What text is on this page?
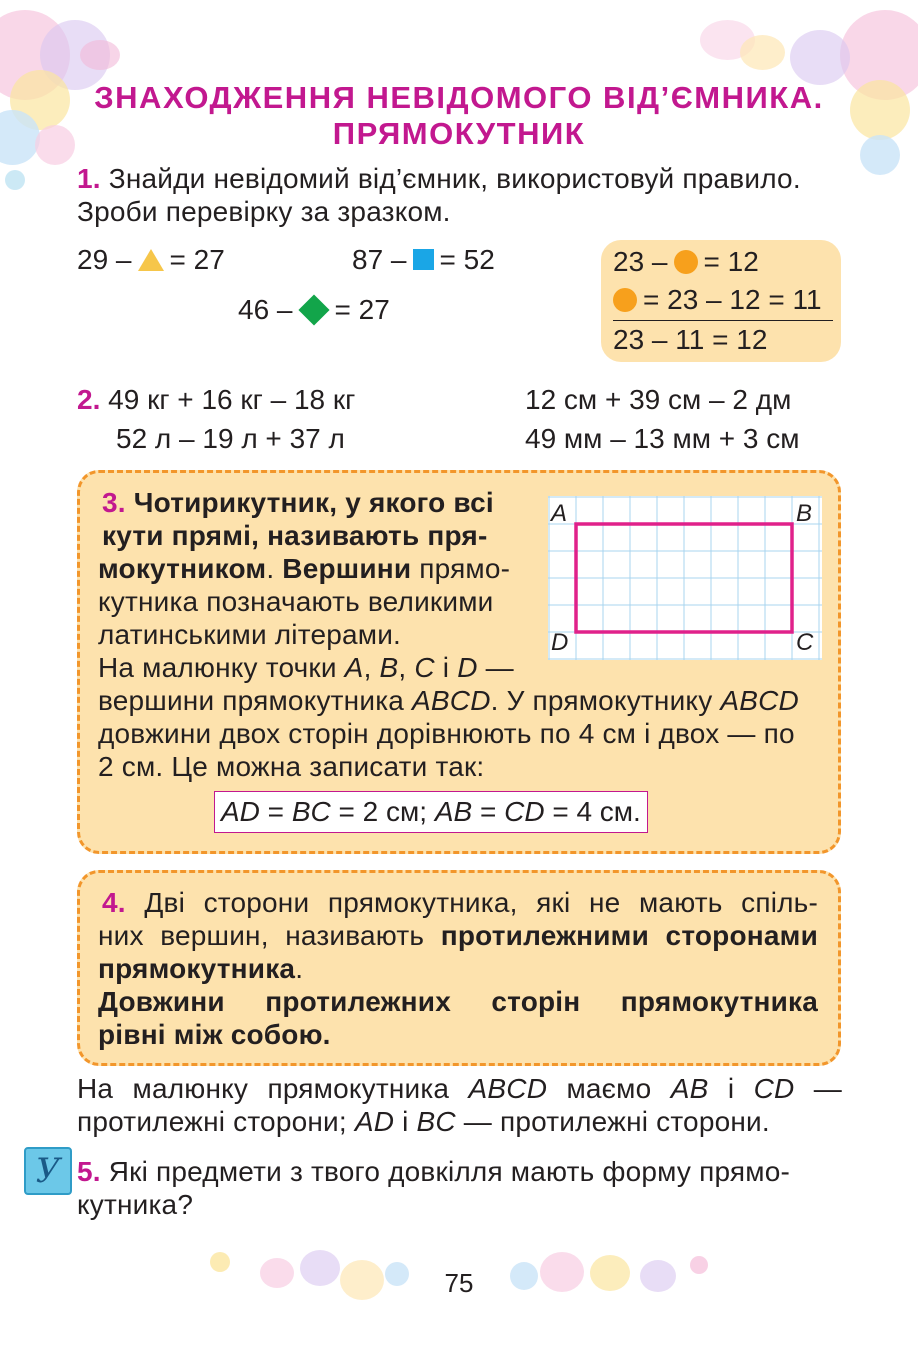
ЗНАХОДЖЕННЯ НЕВІДОМОГО ВІД’ЄМНИКА.
ПРЯМОКУТНИК
1. Знайди невідомий від’ємник, використовуй правило.
Зроби перевірку за зразком.
29 – = 27	87 – = 52
46 – = 27
23 – = 12
= 23 – 12 = 11
23 – 11 = 12
2. 49 кг + 16 кг – 18 кг
52 л – 19 л + 37 л
12 см + 39 см – 2 дм
49 мм – 13 мм + 3 см
3. Чотирикутник, у якого всі
кути прямі, називають пря-
мокутником. Вершини прямо-
кутника позначають великими
латинськими літерами.
На малюнку точки A, B, C і D —
вершини прямокутника ABCD. У прямокутнику ABCD
довжини двох сторін дорівнюють по 4 см і двох — по
2 см. Це можна записати так:
AD = BC = 2 см; AB = CD = 4 см.
A	B
C
D
4. Дві сторони прямокутника, які не мають спіль-
них вершин, називають протилежними сторонами
прямокутника.
Довжини протилежних сторін прямокутника
рівні між собою.
На малюнку прямокутника ABCD маємо AB і CD —
протилежні сторони; AD і BC — протилежні сторони.
У 5. Які предмети з твого довкілля мають форму прямо-
кутника?
75
